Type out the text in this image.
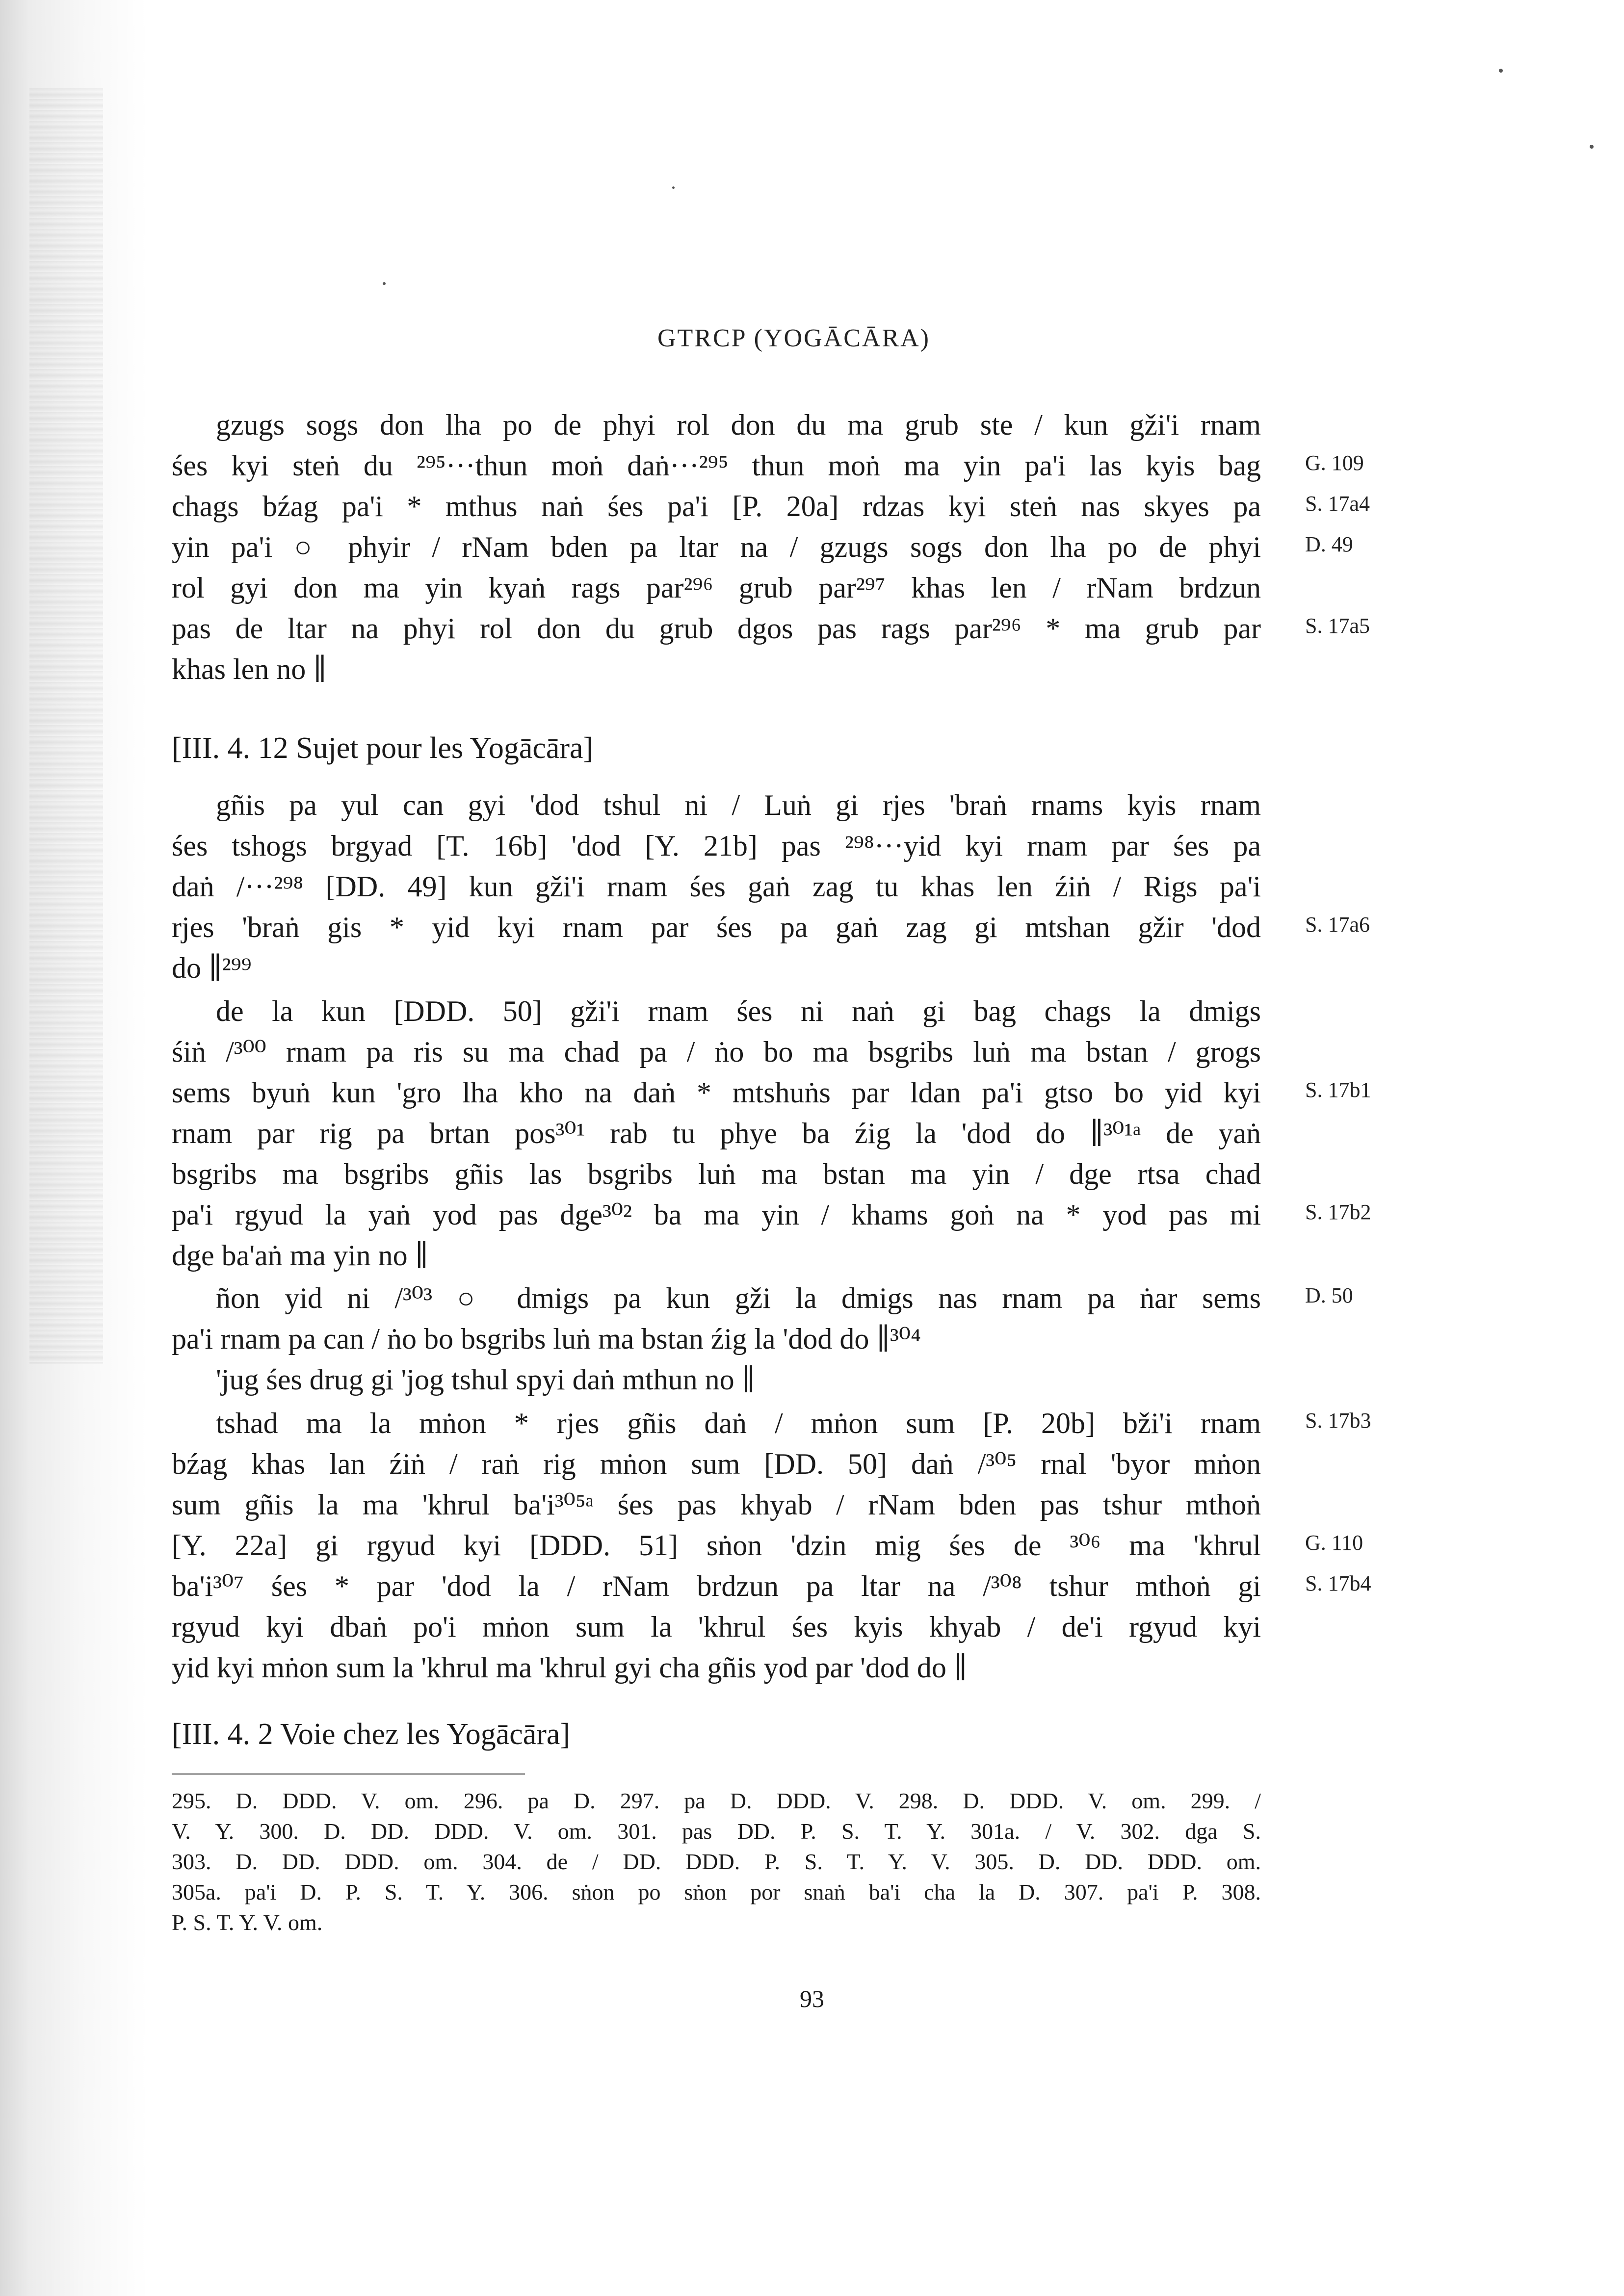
GTRCP (YOGĀCĀRA)
gzugs sogs don lha po de phyi rol don du ma grub ste / kun gži'i rnam
śes kyi steṅ du ²⁹⁵···thun moṅ daṅ···²⁹⁵ thun moṅ ma yin pa'i las kyis bag
chags bźag pa'i * mthus naṅ śes pa'i [P. 20a] rdzas kyi steṅ nas skyes pa
yin pa'i ○ phyir / rNam bden pa ltar na / gzugs sogs don lha po de phyi
rol gyi don ma yin kyaṅ rags par²⁹⁶ grub par²⁹⁷ khas len / rNam brdzun
pas de ltar na phyi rol don du grub dgos pas rags par²⁹⁶ * ma grub par
khas len no ∥
gñis pa yul can gyi 'dod tshul ni / Luṅ gi rjes 'braṅ rnams kyis rnam
śes tshogs brgyad [T. 16b] 'dod [Y. 21b] pas ²⁹⁸···yid kyi rnam par śes pa
daṅ /···²⁹⁸ [DD. 49] kun gži'i rnam śes gaṅ zag tu khas len źiṅ / Rigs pa'i
rjes 'braṅ gis * yid kyi rnam par śes pa gaṅ zag gi mtshan gžir 'dod
do ∥²⁹⁹
de la kun [DDD. 50] gži'i rnam śes ni naṅ gi bag chags la dmigs
śiṅ /³⁰⁰ rnam pa ris su ma chad pa / ṅo bo ma bsgribs luṅ ma bstan / grogs
sems byuṅ kun 'gro lha kho na daṅ * mtshuṅs par ldan pa'i gtso bo yid kyi
rnam par rig pa brtan pos³⁰¹ rab tu phye ba źig la 'dod do ∥³⁰¹ᵃ de yaṅ
bsgribs ma bsgribs gñis las bsgribs luṅ ma bstan ma yin / dge rtsa chad
pa'i rgyud la yaṅ yod pas dge³⁰² ba ma yin / khams goṅ na * yod pas mi
dge ba'aṅ ma yin no ∥
ñon yid ni /³⁰³ ○ dmigs pa kun gži la dmigs nas rnam pa ṅar sems
pa'i rnam pa can / ṅo bo bsgribs luṅ ma bstan źig la 'dod do ∥³⁰⁴
'jug śes drug gi 'jog tshul spyi daṅ mthun no ∥
tshad ma la mṅon * rjes gñis daṅ / mṅon sum [P. 20b] bži'i rnam
bźag khas lan źiṅ / raṅ rig mṅon sum [DD. 50] daṅ /³⁰⁵ rnal 'byor mṅon
sum gñis la ma 'khrul ba'i³⁰⁵ᵃ śes pas khyab / rNam bden pas tshur mthoṅ
[Y. 22a] gi rgyud kyi [DDD. 51] sṅon 'dzin mig śes de ³⁰⁶ ma 'khrul
ba'i³⁰⁷ śes * par 'dod la / rNam brdzun pa ltar na /³⁰⁸ tshur mthoṅ gi
rgyud kyi dbaṅ po'i mṅon sum la 'khrul śes kyis khyab / de'i rgyud kyi
yid kyi mṅon sum la 'khrul ma 'khrul gyi cha gñis yod par 'dod do ∥
[III. 4. 12 Sujet pour les Yogācāra]
[III. 4. 2 Voie chez les Yogācāra]
G. 109
S. 17a4
D. 49
S. 17a5
S. 17a6
S. 17b1
S. 17b2
D. 50
S. 17b3
G. 110
S. 17b4
295. D. DDD. V. om. 296. pa D. 297. pa D. DDD. V. 298. D. DDD. V. om. 299. /
V. Y. 300. D. DD. DDD. V. om. 301. pas DD. P. S. T. Y. 301a. / V. 302. dga S.
303. D. DD. DDD. om. 304. de / DD. DDD. P. S. T. Y. V. 305. D. DD. DDD. om.
305a. pa'i D. P. S. T. Y. 306. sṅon po sṅon por snaṅ ba'i cha la D. 307. pa'i P. 308.
P. S. T. Y. V. om.
93
